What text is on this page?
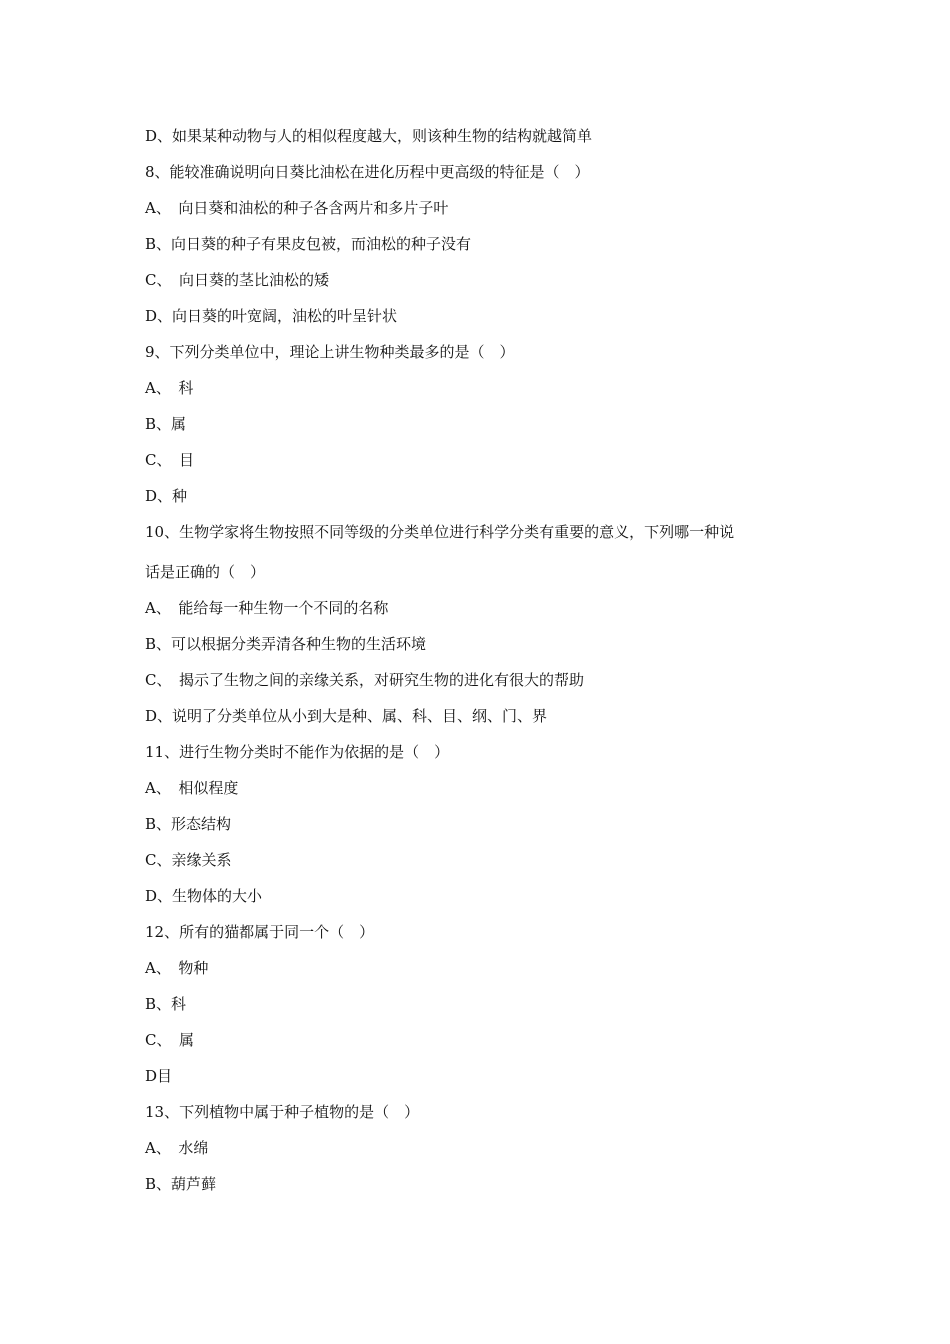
D、如果某种动物与人的相似程度越大，则该种生物的结构就越简单
8、能较准确说明向日葵比油松在进化历程中更高级的特征是（　）
A、　向日葵和油松的种子各含两片和多片子叶
B、向日葵的种子有果皮包被，而油松的种子没有
C、　向日葵的茎比油松的矮
D、向日葵的叶宽阔，油松的叶呈针状
9、下列分类单位中，理论上讲生物种类最多的是（　）
A、　科
B、属
C、　目
D、种
10、生物学家将生物按照不同等级的分类单位进行科学分类有重要的意义，下列哪一种说
话是正确的（　）
A、　能给每一种生物一个不同的名称
B、可以根据分类弄清各种生物的生活环境
C、　揭示了生物之间的亲缘关系，对研究生物的进化有很大的帮助
D、说明了分类单位从小到大是种、属、科、目、纲、门、界
11、进行生物分类时不能作为依据的是（　）
A、　相似程度
B、形态结构
C、亲缘关系
D、生物体的大小
12、所有的猫都属于同一个（　）
A、　物种
B、科
C、　属
D目
13、下列植物中属于种子植物的是（　）
A、　水绵
B、葫芦藓
